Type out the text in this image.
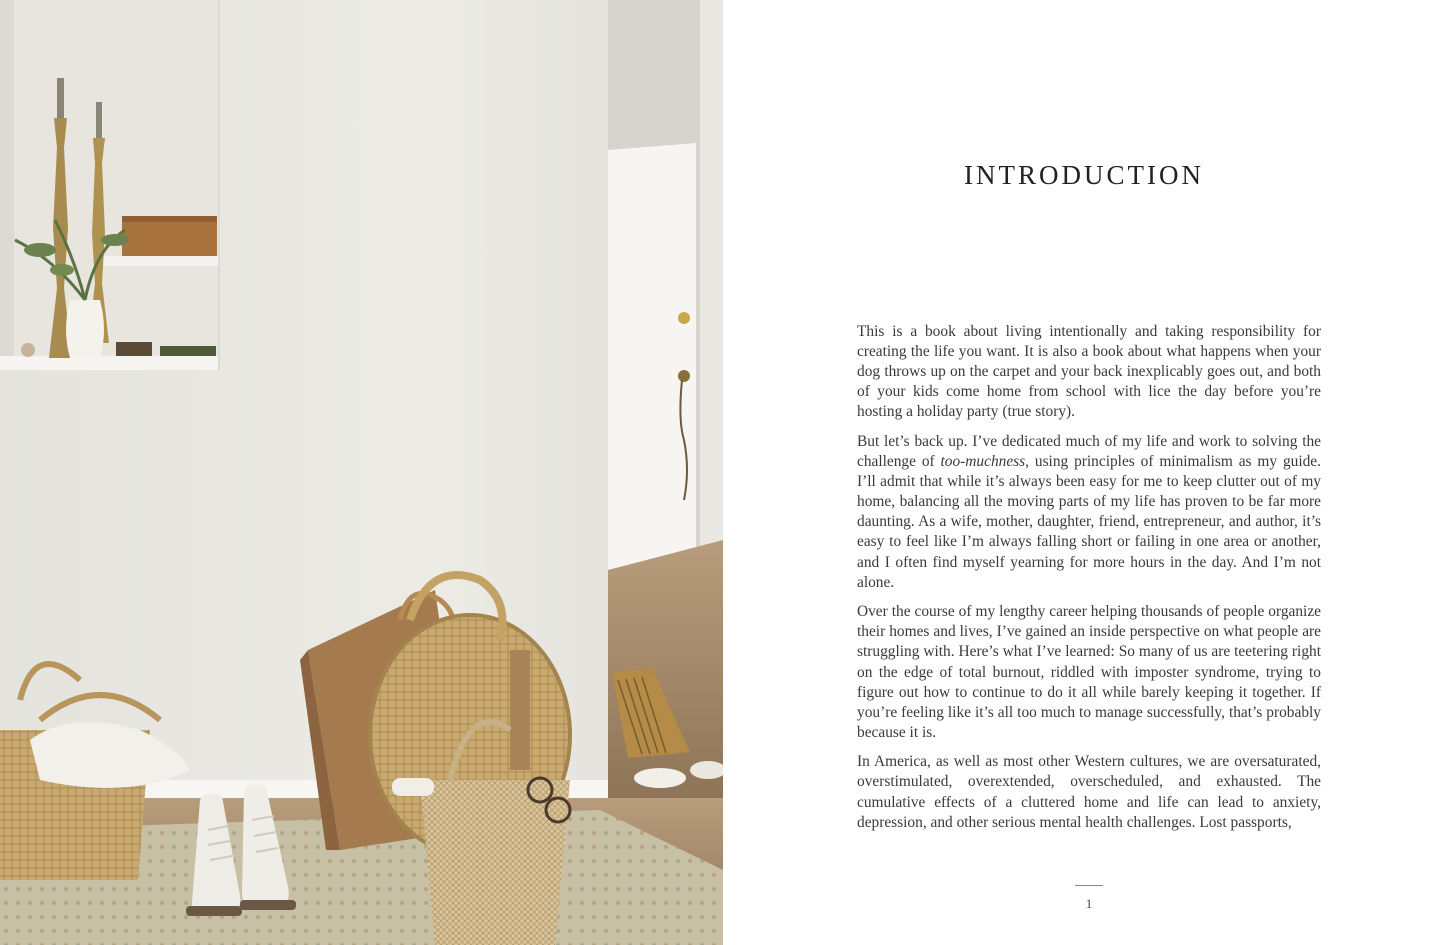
INTRODUCTION

This is a book about living intentionally and taking responsibility for creating the life you want. It is also a book about what happens when your dog throws up on the carpet and your back inexplicably goes out, and both of your kids come home from school with lice the day before you’re hosting a holiday party (true story).

But let’s back up. I’ve dedicated much of my life and work to solving the challenge of too-muchness, using principles of minimalism as my guide. I’ll admit that while it’s always been easy for me to keep clutter out of my home, balancing all the moving parts of my life has proven to be far more daunting. As a wife, mother, daughter, friend, entrepreneur, and author, it’s easy to feel like I’m always falling short or failing in one area or another, and I often find myself yearning for more hours in the day. And I’m not alone.

Over the course of my lengthy career helping thousands of people organize their homes and lives, I’ve gained an inside perspective on what people are struggling with. Here’s what I’ve learned: So many of us are teetering right on the edge of total burnout, riddled with imposter syndrome, trying to figure out how to continue to do it all while barely keeping it together. If you’re feeling like it’s all too much to manage successfully, that’s probably because it is.

In America, as well as most other Western cultures, we are oversaturated, overstimulated, overextended, overscheduled, and exhausted. The cumulative effects of a cluttered home and life can lead to anxiety, depression, and other serious mental health challenges. Lost passports,

1
